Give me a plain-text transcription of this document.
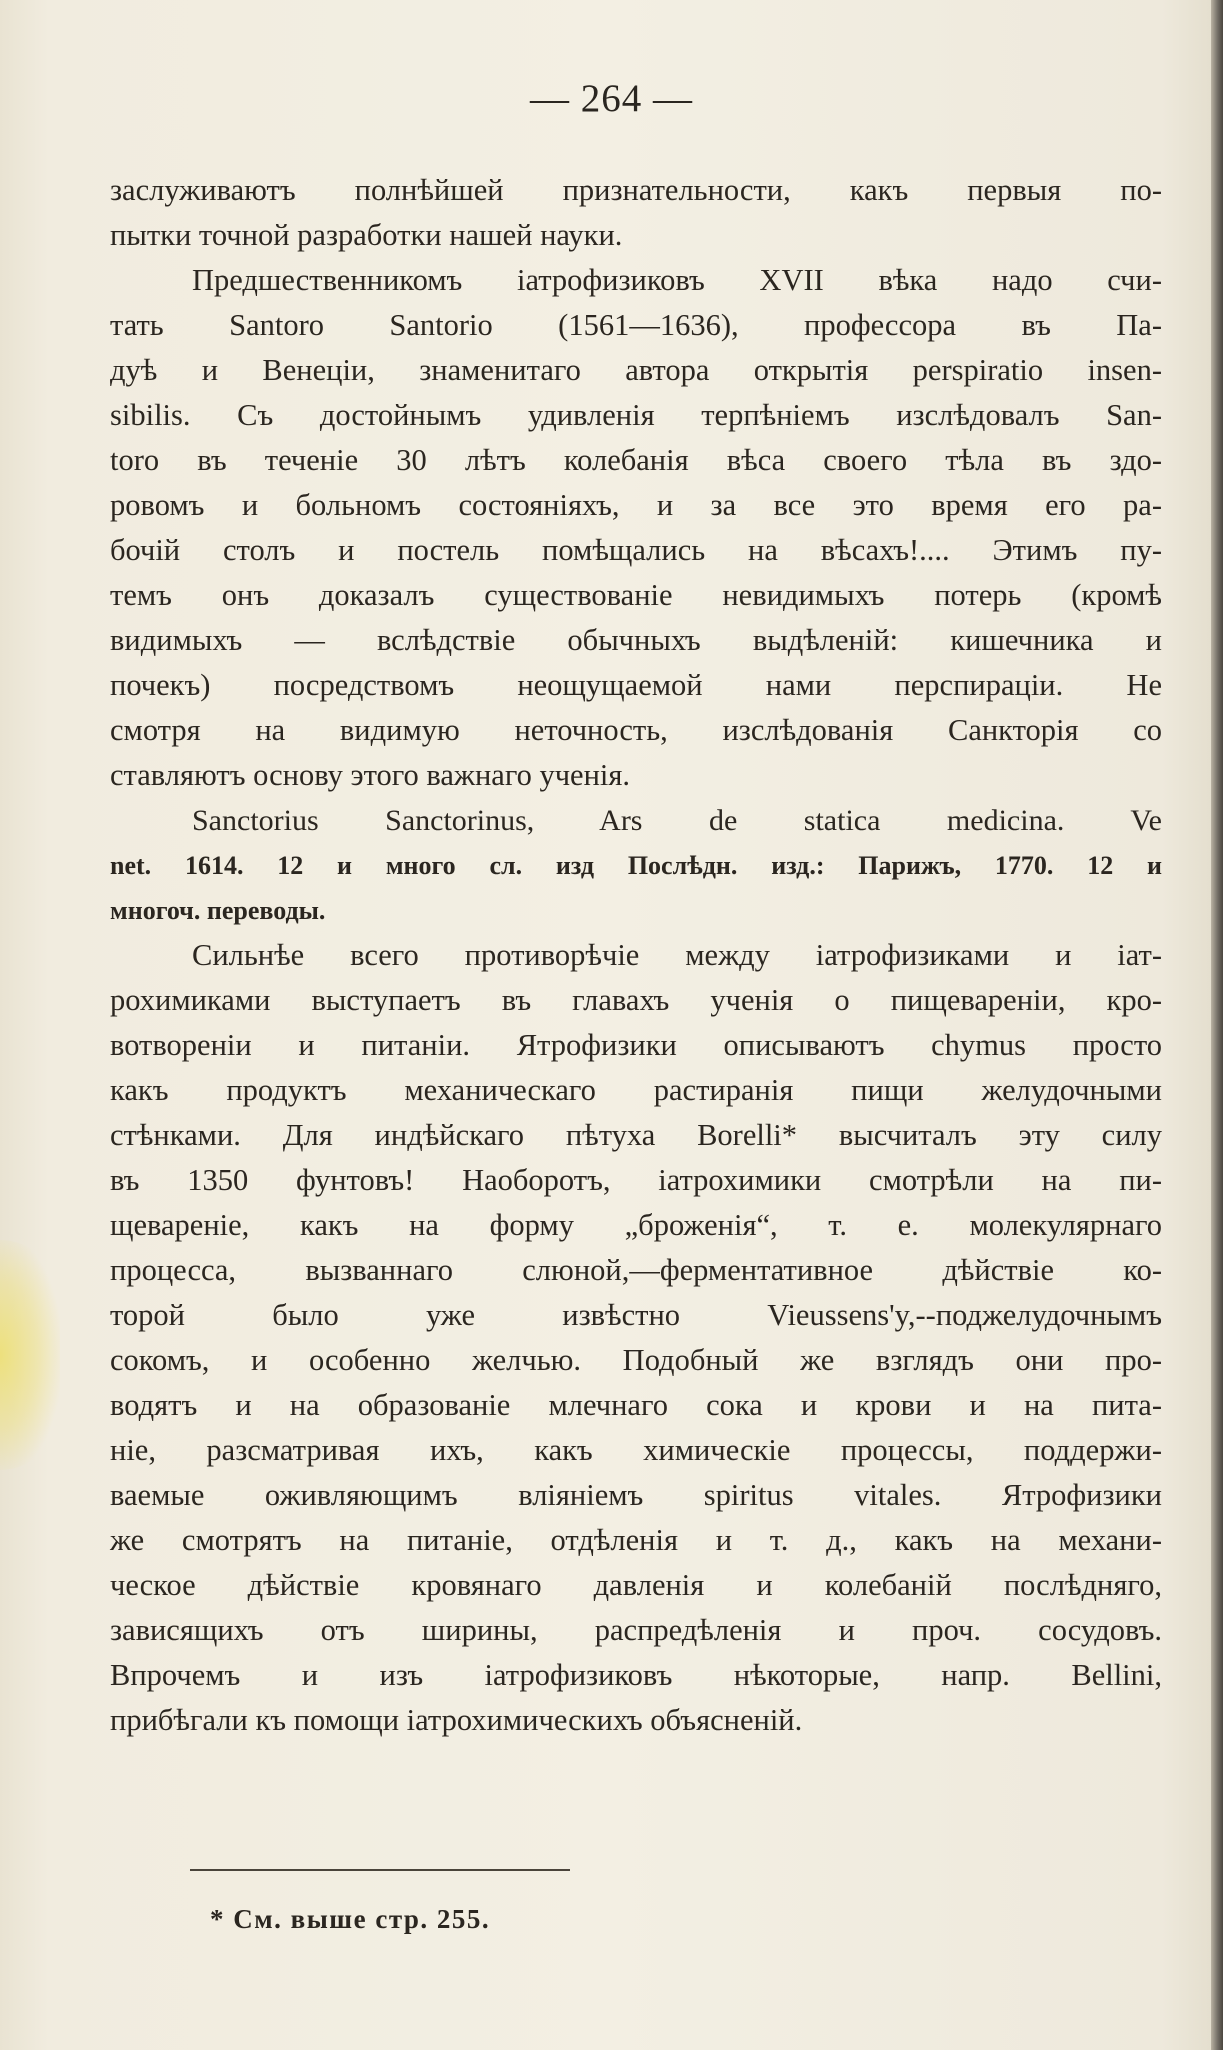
— 264 —
заслуживаютъ полнѣйшей признательности, какъ первыя по-
пытки точной разработки нашей науки.
Предшественникомъ іатрофизиковъ XVII вѣка надо счи-
тать Santoro Santorio (1561—1636), профессора въ Па-
дуѣ и Венеціи, знаменитаго автора открытія perspiratio insen-
sibilis. Съ достойнымъ удивленія терпѣніемъ изслѣдовалъ San-
toro въ теченіе 30 лѣтъ колебанія вѣса своего тѣла въ здо-
ровомъ и больномъ состояніяхъ, и за все это время его ра-
бочій столъ и постель помѣщались на вѣсахъ!.... Этимъ пу-
темъ онъ доказалъ существованіе невидимыхъ потерь (кромѣ
видимыхъ — вслѣдствіе обычныхъ выдѣленій: кишечника и
почекъ) посредствомъ неощущаемой нами перспираціи. Не
смотря на видимую неточность, изслѣдованія Санкторія со
ставляютъ основу этого важнаго ученія.
Sanctorius Sanctorinus, Ars de statica medicina. Ve
net. 1614. 12 и много сл. изд Послѣдн. изд.: Парижъ, 1770. 12 и
многоч. переводы.
Сильнѣе всего противорѣчіе между іатрофизиками и іат-
рохимиками выступаетъ въ главахъ ученія о пищевареніи, кро-
вотвореніи и питаніи. Ятрофизики описываютъ chymus просто
какъ продуктъ механическаго растиранія пищи желудочными
стѣнками. Для индѣйскаго пѣтуха Borelli* высчиталъ эту силу
въ 1350 фунтовъ! Наоборотъ, іатрохимики смотрѣли на пи-
щевареніе, какъ на форму „броженія“, т. е. молекулярнаго
процесса, вызваннаго слюной,—ферментативное дѣйствіе ко-
торой было уже извѣстно Vieussens'y,--поджелудочнымъ
сокомъ, и особенно желчью. Подобный же взглядъ они про-
водятъ и на образованіе млечнаго сока и крови и на пита-
ніе, разсматривая ихъ, какъ химическіе процессы, поддержи-
ваемые оживляющимъ вліяніемъ spiritus vitales. Ятрофизики
же смотрятъ на питаніе, отдѣленія и т. д., какъ на механи-
ческое дѣйствіе кровянаго давленія и колебаній послѣдняго,
зависящихъ отъ ширины, распредѣленія и проч. сосудовъ.
Впрочемъ и изъ іатрофизиковъ нѣкоторые, напр. Bellini,
прибѣгали къ помощи іатрохимическихъ объясненій.
* См. выше стр. 255.
